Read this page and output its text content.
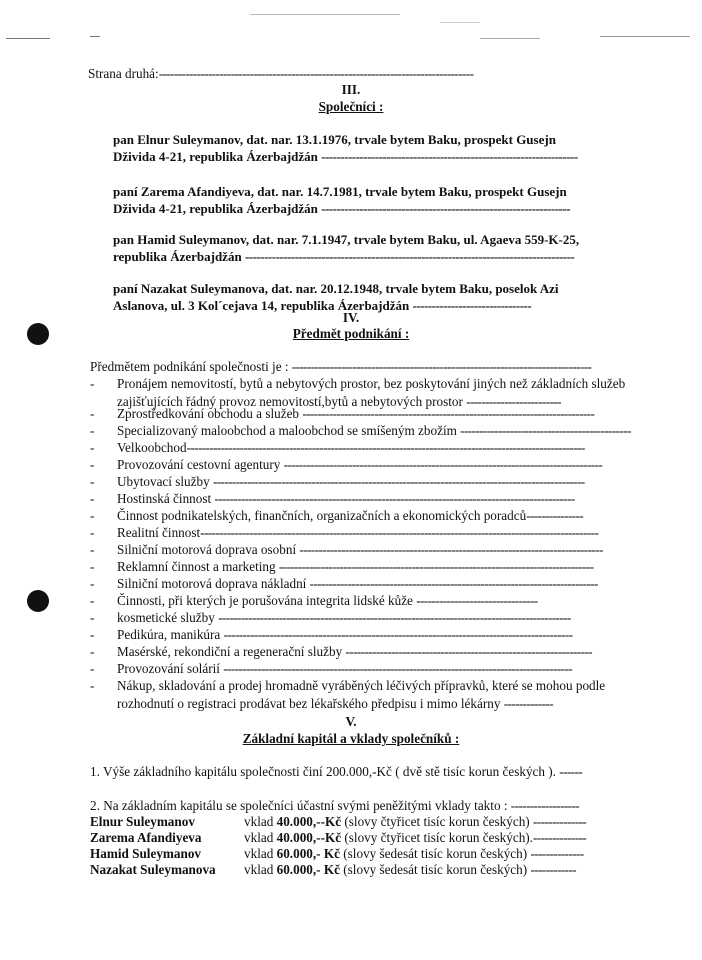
Strana druhá:-----------------------------------------------------------------------------------
III.
Společníci :
pan Elnur Suleymanov, dat. nar. 13.1.1976, trvale bytem Baku, prospekt Gusejn
Dživida 4-21, republika Ázerbajdžán -------------------------------------------------------------------
paní Zarema Afandiyeva, dat. nar. 14.7.1981, trvale bytem Baku, prospekt Gusejn
Dživida 4-21, republika Ázerbajdžán -----------------------------------------------------------------
pan Hamid Suleymanov, dat. nar. 7.1.1947, trvale bytem Baku, ul. Agaeva 559-K-25,
republika Ázerbajdžán --------------------------------------------------------------------------------------
paní Nazakat Suleymanova, dat. nar. 20.12.1948, trvale bytem Baku, poselok Azi
Aslanova, ul. 3 Kol´cejava 14, republika Ázerbajdžán -------------------------------
IV.
Předmět podnikání :
Předmětem podnikání společnosti je : -------------------------------------------------------------------------------
- Pronájem nemovitostí, bytů a nebytových prostor, bez poskytování jiných než základních služeb zajišťujících řádný provoz nemovitostí,bytů a nebytových prostor -------------------------
- Zprostředkování obchodu a služeb -----------------------------------------------------------------------------
- Specializovaný maloobchod a maloobchod se smíšeným zbožím ---------------------------------------------
- Velkoobchod---------------------------------------------------------------------------------------------------------
- Provozování cestovní agentury ------------------------------------------------------------------------------------
- Ubytovací služby --------------------------------------------------------------------------------------------------
- Hostinská činnost -----------------------------------------------------------------------------------------------
- Činnost podnikatelských, finančních, organizačních a ekonomických poradců---------------
- Realitní činnost---------------------------------------------------------------------------------------------------------
- Silniční motorová doprava osobní --------------------------------------------------------------------------------
- Reklamní činnost a marketing -----------------------------------------------------------------------------------
- Silniční motorová doprava nákladní ----------------------------------------------------------------------------
- Činnosti, při kterých je porušována integrita lidské kůže --------------------------------
- kosmetické služby ---------------------------------------------------------------------------------------------
- Pedikúra, manikúra --------------------------------------------------------------------------------------------
- Masérské, rekondiční a regenerační služby -----------------------------------------------------------------
- Provozování solárií --------------------------------------------------------------------------------------------
- Nákup, skladování a prodej hromadně vyráběných léčivých přípravků, které se mohou podle rozhodnutí o registraci prodávat bez lékařského předpisu i mimo lékárny -------------
V.
Základní kapitál a vklady společníků :
1. Výše základního kapitálu společnosti činí 200.000,-Kč ( dvě stě tisíc korun českých ). ------
2. Na základním kapitálu se společníci účastní svými peněžitými vklady takto : ------------------
Elnur Suleymanov	vklad 40.000,--Kč (slovy čtyřicet tisíc korun českých) --------------
Zarema Afandiyeva	vklad 40.000,--Kč (slovy čtyřicet tisíc korun českých).--------------
Hamid Suleymanov	vklad 60.000,- Kč (slovy šedesát tisíc korun českých) --------------
Nazakat Suleymanova vklad 60.000,- Kč (slovy šedesát tisíc korun českých) ------------
